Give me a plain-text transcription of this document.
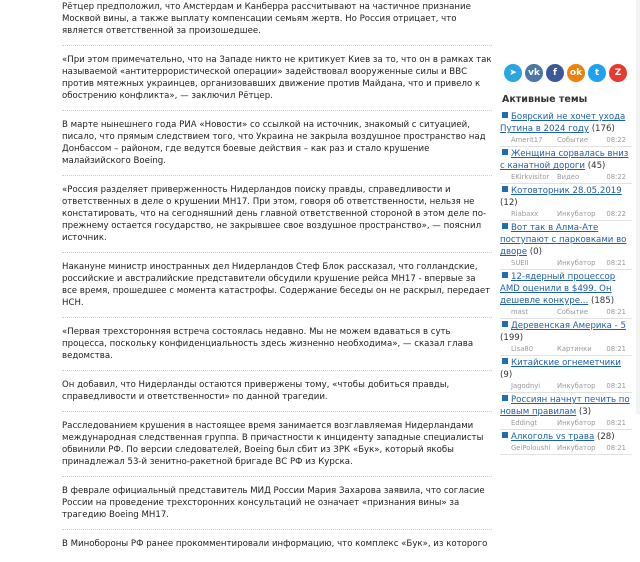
Рётцер предположил, что Амстердам и Канберра рассчитывают на частичное признание Москвой вины, а также выплату компенсации семьям жертв. Но Россия отрицает, что является ответственной за произошедшее.

«При этом примечательно, что на Западе никто не критикует Киев за то, что он в рамках так называемой «антитеррористической операции» задействовал вооруженные силы и ВВС против мятежных украинцев, организовавших движение против Майдана, что и привело к обострению конфликта», — заключил Рётцер.

В марте нынешнего года РИА «Новости» со ссылкой на источник, знакомый с ситуацией, писало, что прямым следствием того, что Украина не закрыла воздушное пространство над Донбассом – районом, где ведутся боевые действия – как раз и стало крушение малайзийского Boeing.

«Россия разделяет приверженность Нидерландов поиску правды, справедливости и ответственных в деле о крушении МН17. При этом, говоря об ответственности, нельзя не констатировать, что на сегодняшний день главной ответственной стороной в этом деле по-прежнему остается государство, не закрывшее свое воздушное пространство», — пояснил источник.

Накануне министр иностранных дел Нидерландов Стеф Блок рассказал, что голландские, российские и австралийские представители обсудили крушение рейса МН17 - впервые за все время, прошедшее с момента катастрофы. Содержание беседы он не раскрыл, передает НСН.

«Первая трехсторонняя встреча состоялась недавно. Мы не можем вдаваться в суть процесса, поскольку конфиденциальность здесь жизненно необходима», — сказал глава ведомства.

Он добавил, что Нидерланды остаются привержены тому, «чтобы добиться правды, справедливости и ответственности» по данной трагедии.

Расследованием крушения в настоящее время занимается возглавляемая Нидерландами международная следственная группа. В причастности к инциденту западные специалисты обвинили РФ. По версии следователей, Boeing был сбит из ЗРК «Бук», который якобы принадлежал 53-й зенитно-ракетной бригаде ВС РФ из Курска.

В феврале официальный представитель МИД России Мария Захарова заявила, что согласие России на проведение трехсторонних консультаций не означает «признания вины» за трагедию Boeing MH17.

В Минобороны РФ ранее прокомментировали информацию, что комплекс «Бук», из которого

➤	vk	f	ok	t	Z
Активные темы
Боярский не хочет ухода Путина в 2024 году (176)
Amerit17 Событие	08:22
Женщина сорвалась вниз с канатной дороги (45)
EKirkvisitor Видео	08:22
Котовторник 28.05.2019 (12)
Riabaxx	Инкубатор 08:22
Вот так в Алма-Ате поступают с парковками во дворе (0)
SUEII	Инкубатор 08:21
12-ядерный процессор AMD оценили в $499. Он дешевле конкуре... (185)
mast	Событие	08:21
Деревенская Америка - 5 (199)
Lisa80	Картинки 08:21
Китайские огнеметчики (9)
Jagodnyi Инкубатор 08:21
Россиян начнут печить по новым правилам (3)
Eddingt	Инкубатор 08:21
Алкоголь vs трава (28)
GeiPoloushi Инкубатор 08:21
